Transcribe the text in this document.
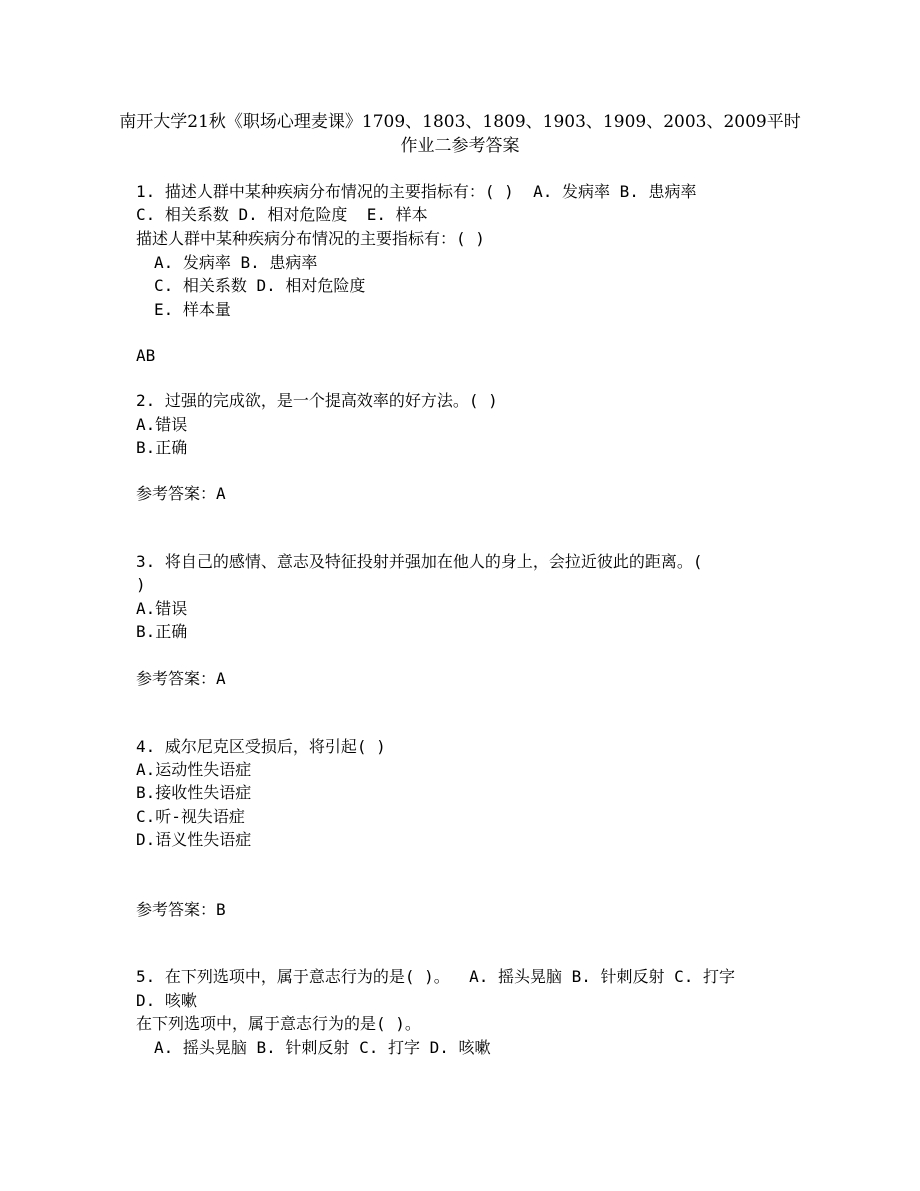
南开大学21秋《职场心理麦课》1709、1803、1809、1903、1909、2003、2009平时
作业二参考答案
1. 描述人群中某种疾病分布情况的主要指标有：( )  A. 发病率 B. 患病率
C. 相关系数 D. 相对危险度  E. 样本
描述人群中某种疾病分布情况的主要指标有：( )
A. 发病率 B. 患病率
C. 相关系数 D. 相对危险度
E. 样本量
AB
2. 过强的完成欲，是一个提高效率的好方法。( )
A.错误
B.正确
参考答案：A
3. 将自己的感情、意志及特征投射并强加在他人的身上，会拉近彼此的距离。(
)
A.错误
B.正确
参考答案：A
4. 威尔尼克区受损后，将引起( )
A.运动性失语症
B.接收性失语症
C.听-视失语症
D.语义性失语症
参考答案：B
5. 在下列选项中，属于意志行为的是( )。  A. 摇头晃脑 B. 针刺反射 C. 打字
D. 咳嗽
在下列选项中，属于意志行为的是( )。
A. 摇头晃脑 B. 针刺反射 C. 打字 D. 咳嗽
